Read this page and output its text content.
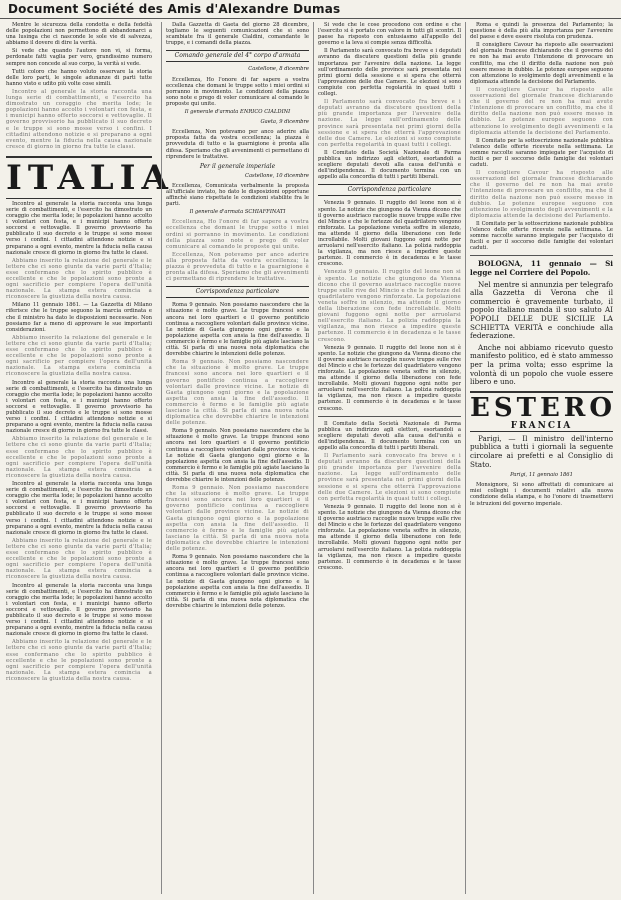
Document Société des Amis d'Alexandre Dumas

Mentre le sicurezza della condotta e della fedeltà delle popolazioni non permettono di abbandonarci a una lusinga che ci nasconde le sole vie di salvezza, abbiamo il dovere di dire la verità.

Si vede che quando l'autore non vi, si forma, perdonate fatti vaglia per vero, grandissimo numero sempre non concede al suo corpo, la verità si vede.

Tutti coloro che hanno voluto osservare la storia delle loro parti, le singole adunanze di parti tutte hanno visto e udito più volte cose simili.

Incontro al generale la storia racconta una lunga serie di combattimenti, e l'esercito ha dimostrato un coraggio che merita lode; le popolazioni hanno accolto i volontari con festa, e i municipi hanno offerto soccorsi e vettovaglie. Il governo provvisorio ha pubblicato il suo decreto e le truppe si sono mosse verso i confini. I cittadini attendono notizie e si preparano a ogni evento, mentre la fiducia nella causa nazionale cresce di giorno in giorno fra tutte le classi.

ITALIA

Incontro al generale la storia racconta una lunga serie di combattimenti, e l'esercito ha dimostrato un coraggio che merita lode; le popolazioni hanno accolto i volontari con festa, e i municipi hanno offerto soccorsi e vettovaglie. Il governo provvisorio ha pubblicato il suo decreto e le truppe si sono mosse verso i confini. I cittadini attendono notizie e si preparano a ogni evento, mentre la fiducia nella causa nazionale cresce di giorno in giorno fra tutte le classi.

Abbiamo inserito la relazione del generale e le lettere che ci sono giunte da varie parti d'Italia; esse confermano che lo spirito pubblico è eccellente e che le popolazioni sono pronte a ogni sacrificio per compiere l'opera dell'unità nazionale. La stampa estera comincia a riconoscere la giustizia della nostra causa.

Milano 11 gennaio 1861. — La Gazzetta di Milano riferisce che le truppe seguono la marcia ordinata e che il ministro ha dato le disposizioni necessarie. Non possiamo far a meno di approvare le sue importanti considerazioni.

Abbiamo inserito la relazione del generale e le lettere che ci sono giunte da varie parti d'Italia; esse confermano che lo spirito pubblico è eccellente e che le popolazioni sono pronte a ogni sacrificio per compiere l'opera dell'unità nazionale. La stampa estera comincia a riconoscere la giustizia della nostra causa.

Incontro al generale la storia racconta una lunga serie di combattimenti, e l'esercito ha dimostrato un coraggio che merita lode; le popolazioni hanno accolto i volontari con festa, e i municipi hanno offerto soccorsi e vettovaglie. Il governo provvisorio ha pubblicato il suo decreto e le truppe si sono mosse verso i confini. I cittadini attendono notizie e si preparano a ogni evento, mentre la fiducia nella causa nazionale cresce di giorno in giorno fra tutte le classi.

Abbiamo inserito la relazione del generale e le lettere che ci sono giunte da varie parti d'Italia; esse confermano che lo spirito pubblico è eccellente e che le popolazioni sono pronte a ogni sacrificio per compiere l'opera dell'unità nazionale. La stampa estera comincia a riconoscere la giustizia della nostra causa.

Incontro al generale la storia racconta una lunga serie di combattimenti, e l'esercito ha dimostrato un coraggio che merita lode; le popolazioni hanno accolto i volontari con festa, e i municipi hanno offerto soccorsi e vettovaglie. Il governo provvisorio ha pubblicato il suo decreto e le truppe si sono mosse verso i confini. I cittadini attendono notizie e si preparano a ogni evento, mentre la fiducia nella causa nazionale cresce di giorno in giorno fra tutte le classi.

Abbiamo inserito la relazione del generale e le lettere che ci sono giunte da varie parti d'Italia; esse confermano che lo spirito pubblico è eccellente e che le popolazioni sono pronte a ogni sacrificio per compiere l'opera dell'unità nazionale. La stampa estera comincia a riconoscere la giustizia della nostra causa.

Incontro al generale la storia racconta una lunga serie di combattimenti, e l'esercito ha dimostrato un coraggio che merita lode; le popolazioni hanno accolto i volontari con festa, e i municipi hanno offerto soccorsi e vettovaglie. Il governo provvisorio ha pubblicato il suo decreto e le truppe si sono mosse verso i confini. I cittadini attendono notizie e si preparano a ogni evento, mentre la fiducia nella causa nazionale cresce di giorno in giorno fra tutte le classi.

Abbiamo inserito la relazione del generale e le lettere che ci sono giunte da varie parti d'Italia; esse confermano che lo spirito pubblico è eccellente e che le popolazioni sono pronte a ogni sacrificio per compiere l'opera dell'unità nazionale. La stampa estera comincia a riconoscere la giustizia della nostra causa.

Dalla Gazzetta di Gaeta del giorno 28 dicembre, togliamo le seguenti comunicazioni che si sono scambiate fra il generale Cialdini, comandante le truppe, e i comandi della piazza.

Comando generale del 4° corpo d'armata
Castellone, 8 dicembre

Eccellenza, Ho l'onore di far sapere a vostra eccellenza che domani le truppe sotto i miei ordini si porranno in movimento. Le condizioni della piazza sono note e prego di voler comunicare al comando le proposte qui unite.

Il generale d'armata ENRICO CIALDINI
Gaeta, 9 dicembre

Eccellenza, Non potevamo per anco aderire alla proposta fatta da vostra eccellenza; la piazza è provveduta di tutto e la guarnigione è pronta alla difesa. Speriamo che gli avvenimenti ci permettano di riprendere le trattative.

Per il generale imperiale
Castellone, 10 dicembre

Eccellenza, Comunicata verbalmente la proposta all'ufficiale inviato, ho dato le disposizioni opportune affinchè siano rispettate le condizioni stabilite fra le parti.

Il generale d'armata SCHIAFFINATI

Eccellenza, Ho l'onore di far sapere a vostra eccellenza che domani le truppe sotto i miei ordini si porranno in movimento. Le condizioni della piazza sono note e prego di voler comunicare al comando le proposte qui unite.

Eccellenza, Non potevamo per anco aderire alla proposta fatta da vostra eccellenza; la piazza è provveduta di tutto e la guarnigione è pronta alla difesa. Speriamo che gli avvenimenti ci permettano di riprendere le trattative.

Corrispondenza particolare

Roma 9 gennaio. Non possiamo nascondere che la situazione è molto grave. Le truppe francesi sono ancora nei loro quartieri e il governo pontificio continua a raccogliere volontari dalle province vicine. Le notizie di Gaeta giungono ogni giorno e la popolazione aspetta con ansia la fine dell'assedio. Il commercio è fermo e le famiglie più agiate lasciano la città. Si parla di una nuova nota diplomatica che dovrebbe chiarire le intenzioni delle potenze.

Roma 9 gennaio. Non possiamo nascondere che la situazione è molto grave. Le truppe francesi sono ancora nei loro quartieri e il governo pontificio continua a raccogliere volontari dalle province vicine. Le notizie di Gaeta giungono ogni giorno e la popolazione aspetta con ansia la fine dell'assedio. Il commercio è fermo e le famiglie più agiate lasciano la città. Si parla di una nuova nota diplomatica che dovrebbe chiarire le intenzioni delle potenze.

Roma 9 gennaio. Non possiamo nascondere che la situazione è molto grave. Le truppe francesi sono ancora nei loro quartieri e il governo pontificio continua a raccogliere volontari dalle province vicine. Le notizie di Gaeta giungono ogni giorno e la popolazione aspetta con ansia la fine dell'assedio. Il commercio è fermo e le famiglie più agiate lasciano la città. Si parla di una nuova nota diplomatica che dovrebbe chiarire le intenzioni delle potenze.

Roma 9 gennaio. Non possiamo nascondere che la situazione è molto grave. Le truppe francesi sono ancora nei loro quartieri e il governo pontificio continua a raccogliere volontari dalle province vicine. Le notizie di Gaeta giungono ogni giorno e la popolazione aspetta con ansia la fine dell'assedio. Il commercio è fermo e le famiglie più agiate lasciano la città. Si parla di una nuova nota diplomatica che dovrebbe chiarire le intenzioni delle potenze.

Roma 9 gennaio. Non possiamo nascondere che la situazione è molto grave. Le truppe francesi sono ancora nei loro quartieri e il governo pontificio continua a raccogliere volontari dalle province vicine. Le notizie di Gaeta giungono ogni giorno e la popolazione aspetta con ansia la fine dell'assedio. Il commercio è fermo e le famiglie più agiate lasciano la città. Si parla di una nuova nota diplomatica che dovrebbe chiarire le intenzioni delle potenze.

Si vede che le cose procedono con ordine e che l'esercito si è portato con valore in tutti gli scontri. Il paese ha risposto con entusiasmo all'appello del governo e la leva si compie senza difficoltà.

Il Parlamento sarà convocato fra breve e i deputati avranno da discutere questioni della più grande importanza per l'avvenire della nazione. La legge sull'ordinamento delle province sarà presentata nei primi giorni della sessione e si spera che otterrà l'approvazione delle due Camere. Le elezioni si sono compiute con perfetta regolarità in quasi tutti i collegi.

Il Parlamento sarà convocato fra breve e i deputati avranno da discutere questioni della più grande importanza per l'avvenire della nazione. La legge sull'ordinamento delle province sarà presentata nei primi giorni della sessione e si spera che otterrà l'approvazione delle due Camere. Le elezioni si sono compiute con perfetta regolarità in quasi tutti i collegi.

Il Comitato della Società Nazionale di Parma pubblica un indirizzo agli elettori, esortandoli a scegliere deputati devoti alla causa dell'unità e dell'indipendenza. Il documento termina con un appello alla concordia di tutti i partiti liberali.

Corrispondenza particolare

Venezia 9 gennaio. Il ruggito del leone non si è spento. Le notizie che giungono da Vienna dicono che il governo austriaco raccoglie nuove truppe sulle rive del Mincio e che le fortezze del quadrilatero vengono rinforzate. La popolazione veneta soffre in silenzio, ma attende il giorno della liberazione con fede incrollabile. Molti giovani fuggono ogni notte per arruolarsi nell'esercito italiano. La polizia raddoppia la vigilanza, ma non riesce a impedire queste partenze. Il commercio è in decadenza e le tasse crescono.

Venezia 9 gennaio. Il ruggito del leone non si è spento. Le notizie che giungono da Vienna dicono che il governo austriaco raccoglie nuove truppe sulle rive del Mincio e che le fortezze del quadrilatero vengono rinforzate. La popolazione veneta soffre in silenzio, ma attende il giorno della liberazione con fede incrollabile. Molti giovani fuggono ogni notte per arruolarsi nell'esercito italiano. La polizia raddoppia la vigilanza, ma non riesce a impedire queste partenze. Il commercio è in decadenza e le tasse crescono.

Venezia 9 gennaio. Il ruggito del leone non si è spento. Le notizie che giungono da Vienna dicono che il governo austriaco raccoglie nuove truppe sulle rive del Mincio e che le fortezze del quadrilatero vengono rinforzate. La popolazione veneta soffre in silenzio, ma attende il giorno della liberazione con fede incrollabile. Molti giovani fuggono ogni notte per arruolarsi nell'esercito italiano. La polizia raddoppia la vigilanza, ma non riesce a impedire queste partenze. Il commercio è in decadenza e le tasse crescono.

Il Comitato della Società Nazionale di Parma pubblica un indirizzo agli elettori, esortandoli a scegliere deputati devoti alla causa dell'unità e dell'indipendenza. Il documento termina con un appello alla concordia di tutti i partiti liberali.

Il Parlamento sarà convocato fra breve e i deputati avranno da discutere questioni della più grande importanza per l'avvenire della nazione. La legge sull'ordinamento delle province sarà presentata nei primi giorni della sessione e si spera che otterrà l'approvazione delle due Camere. Le elezioni si sono compiute con perfetta regolarità in quasi tutti i collegi.

Venezia 9 gennaio. Il ruggito del leone non si è spento. Le notizie che giungono da Vienna dicono che il governo austriaco raccoglie nuove truppe sulle rive del Mincio e che le fortezze del quadrilatero vengono rinforzate. La popolazione veneta soffre in silenzio, ma attende il giorno della liberazione con fede incrollabile. Molti giovani fuggono ogni notte per arruolarsi nell'esercito italiano. La polizia raddoppia la vigilanza, ma non riesce a impedire queste partenze. Il commercio è in decadenza e le tasse crescono.

Roma e quindi la presenza del Parlamento; la questione è della più alta importanza per l'avvenire del paese e deve essere risoluta con prudenza.

Il consigliere Cavour ha risposto alle osservazioni del giornale francese dichiarando che il governo del re non ha mai avuto l'intenzione di provocare un conflitto, ma che il diritto della nazione non può essere messo in dubbio. Le potenze europee seguono con attenzione lo svolgimento degli avvenimenti e la diplomazia attende la decisione del Parlamento.

Il consigliere Cavour ha risposto alle osservazioni del giornale francese dichiarando che il governo del re non ha mai avuto l'intenzione di provocare un conflitto, ma che il diritto della nazione non può essere messo in dubbio. Le potenze europee seguono con attenzione lo svolgimento degli avvenimenti e la diplomazia attende la decisione del Parlamento.

Il Comitato per la sottoscrizione nazionale pubblica l'elenco delle offerte ricevute nella settimana. Le somme raccolte saranno impiegate per l'acquisto di fucili e per il soccorso delle famiglie dei volontari caduti.

Il consigliere Cavour ha risposto alle osservazioni del giornale francese dichiarando che il governo del re non ha mai avuto l'intenzione di provocare un conflitto, ma che il diritto della nazione non può essere messo in dubbio. Le potenze europee seguono con attenzione lo svolgimento degli avvenimenti e la diplomazia attende la decisione del Parlamento.

Il Comitato per la sottoscrizione nazionale pubblica l'elenco delle offerte ricevute nella settimana. Le somme raccolte saranno impiegate per l'acquisto di fucili e per il soccorso delle famiglie dei volontari caduti.

BOLOGNA, 11 gennaio — Si legge nel Corriere del Popolo.

Nel mentre si annunzia per telegrafo alla Gazzetta di Verona che il commercio è gravemente turbato, il popolo italiano manda il suo saluto AI POPOLI DELLE DUE SICILIE LA SCHIETTA VERITÀ e conchiude alla federazione.

Anche noi abbiamo ricevuto questo manifesto politico, ed è stato ammesso per la prima volta; esso esprime la volontà di un popolo che vuole essere libero e uno.

ESTERO
FRANCIA

Parigi, — Il ministro dell'interno pubblica a tutti i giornali la seguente circolare ai prefetti e al Consiglio di Stato.

Parigi, 11 gennaio 1861

Monsignore, Si sono affrettati di comunicare ai miei colleghi i documenti relativi alla nuova condizione della stampa, e ho l'onore di trasmettervi le istruzioni del governo imperiale.
